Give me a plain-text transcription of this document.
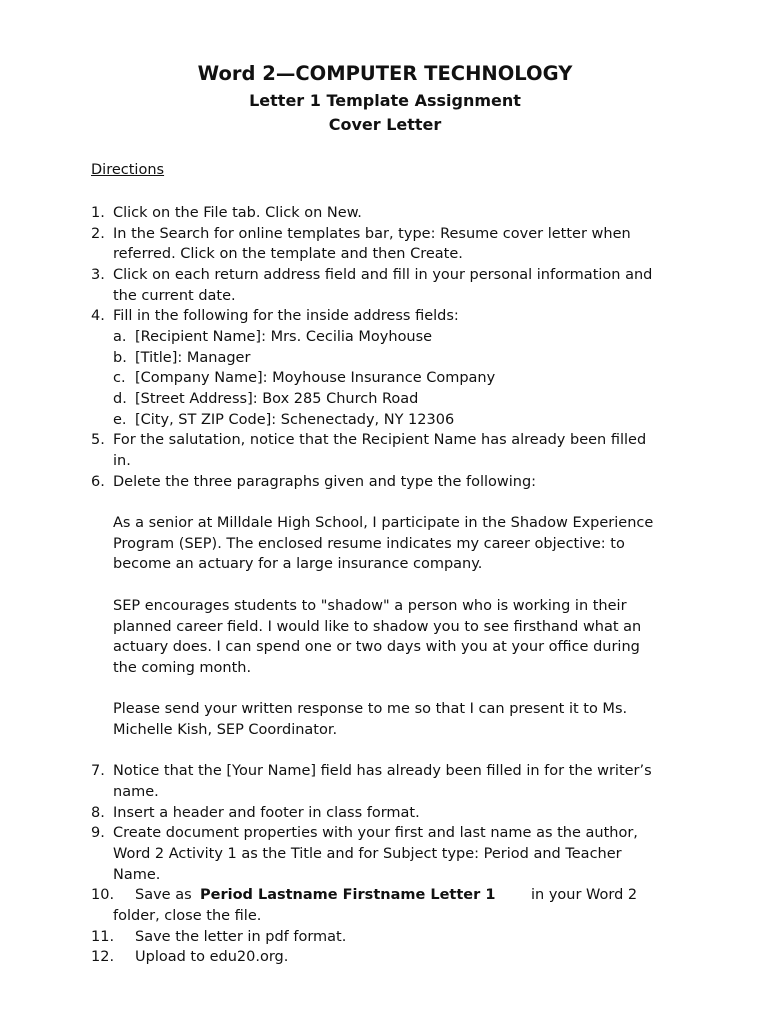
Word 2—COMPUTER TECHNOLOGY
Letter 1 Template Assignment
Cover Letter
Directions
1. Click on the File tab. Click on New.
2. In the Search for online templates bar, type: Resume cover letter when
referred. Click on the template and then Create.
3. Click on each return address field and fill in your personal information and
the current date.
4. Fill in the following for the inside address fields:
a. [Recipient Name]: Mrs. Cecilia Moyhouse
b. [Title]: Manager
c. [Company Name]: Moyhouse Insurance Company
d. [Street Address]: Box 285 Church Road
e. [City, ST ZIP Code]: Schenectady, NY 12306
5. For the salutation, notice that the Recipient Name has already been filled
in.
6. Delete the three paragraphs given and type the following:
As a senior at Milldale High School, I participate in the Shadow Experience
Program (SEP). The enclosed resume indicates my career objective: to
become an actuary for a large insurance company.
SEP encourages students to "shadow" a person who is working in their
planned career field. I would like to shadow you to see firsthand what an
actuary does. I can spend one or two days with you at your office during
the coming month.
Please send your written response to me so that I can present it to Ms.
Michelle Kish, SEP Coordinator.
7. Notice that the [Your Name] field has already been filled in for the writer’s
name.
8. Insert a header and footer in class format.
9. Create document properties with your first and last name as the author,
Word 2 Activity 1 as the Title and for Subject type: Period and Teacher
Name.
10. Save as Period Lastname Firstname Letter 1 in your Word 2
folder, close the file.
11. Save the letter in pdf format.
12. Upload to edu20.org.
